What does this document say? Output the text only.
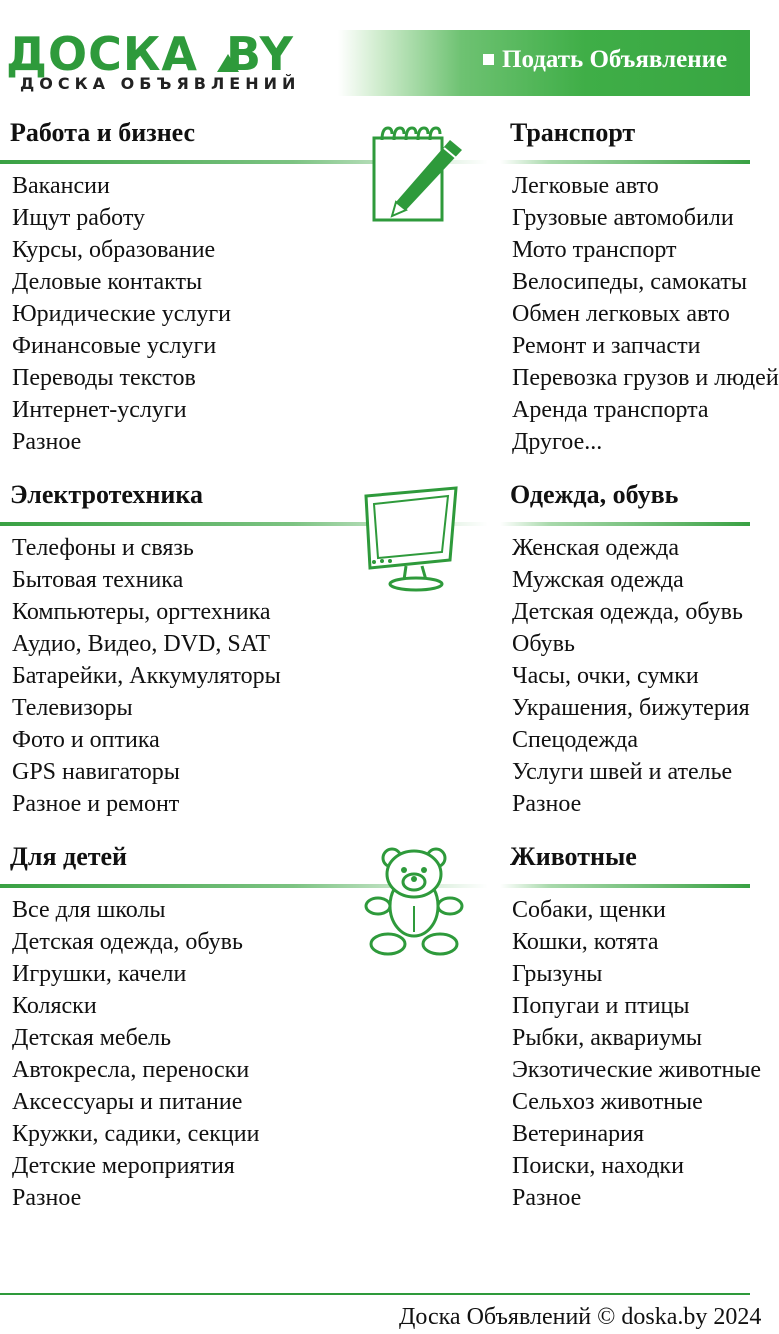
ДОСКА BY
ДОСКА ОБЪЯВЛЕНИЙ
Подать Объявление
Работа и бизнес
Вакансии
Ищут работу
Курсы, образование
Деловые контакты
Юридические услуги
Финансовые услуги
Переводы текстов
Интернет-услуги
Разное
Транспорт
Легковые авто
Грузовые автомобили
Мото транспорт
Велосипеды, самокаты
Обмен легковых авто
Ремонт и запчасти
Перевозка грузов и людей
Аренда транспорта
Другое...
Электротехника
Телефоны и связь
Бытовая техника
Компьютеры, оргтехника
Аудио, Видео, DVD, SAT
Батарейки, Аккумуляторы
Телевизоры
Фото и оптика
GPS навигаторы
Разное и ремонт
Одежда, обувь
Женская одежда
Мужская одежда
Детская одежда, обувь
Обувь
Часы, очки, сумки
Украшения, бижутерия
Спецодежда
Услуги швей и ателье
Разное
Для детей
Все для школы
Детская одежда, обувь
Игрушки, качели
Коляски
Детская мебель
Автокресла, переноски
Аксессуары и питание
Кружки, садики, секции
Детские мероприятия
Разное
Животные
Собаки, щенки
Кошки, котята
Грызуны
Попугаи и птицы
Рыбки, аквариумы
Экзотические животные
Сельхоз животные
Ветеринария
Поиски, находки
Разное
Доска Объявлений © doska.by 2024
